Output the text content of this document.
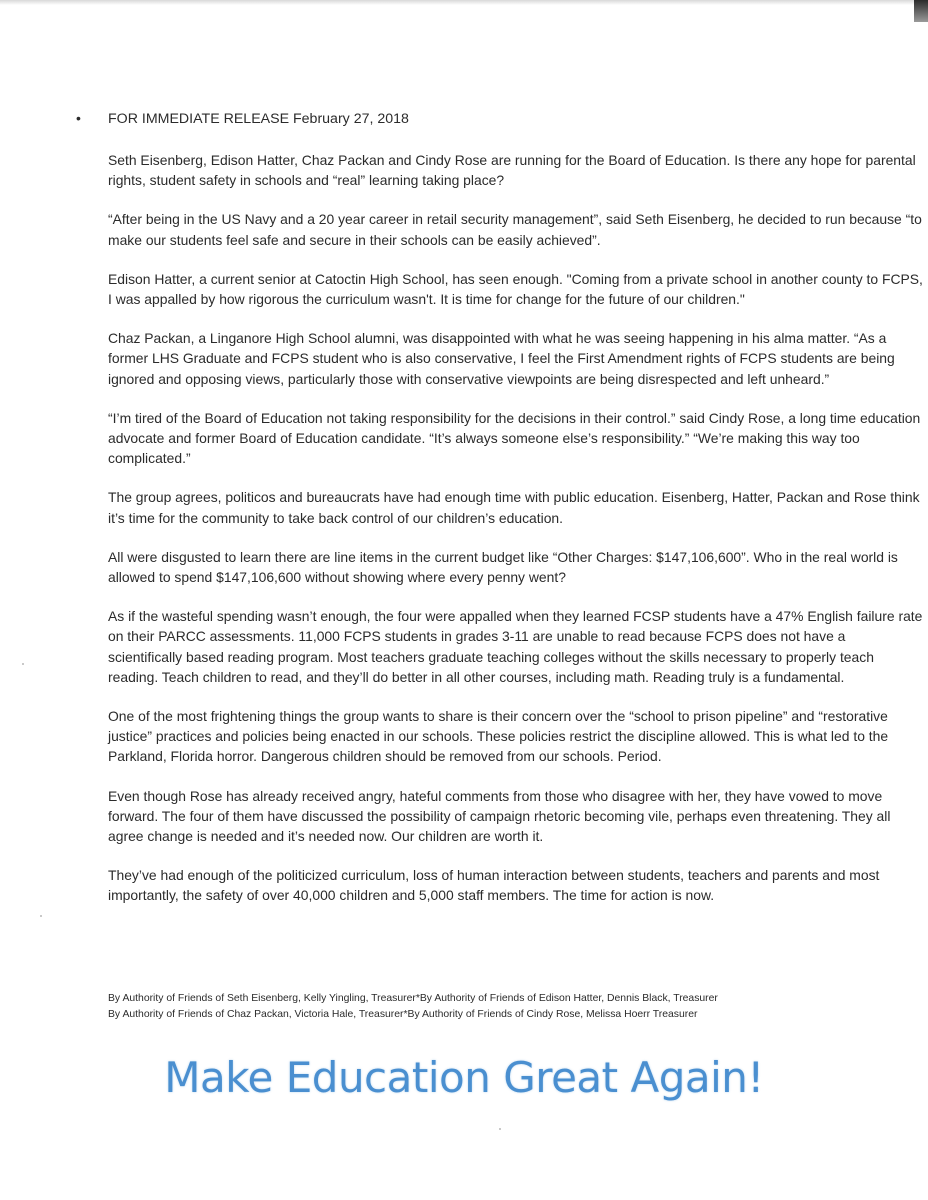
• FOR IMMEDIATE RELEASE February 27, 2018

Seth Eisenberg, Edison Hatter, Chaz Packan and Cindy Rose are running for the Board of Education. Is there any hope for parental rights, student safety in schools and “real” learning taking place?

“After being in the US Navy and a 20 year career in retail security management”, said Seth Eisenberg, he decided to run because “to make our students feel safe and secure in their schools can be easily achieved”.

Edison Hatter, a current senior at Catoctin High School, has seen enough. "Coming from a private school in another county to FCPS, I was appalled by how rigorous the curriculum wasn't. It is time for change for the future of our children."

Chaz Packan, a Linganore High School alumni, was disappointed with what he was seeing happening in his alma matter. “As a former LHS Graduate and FCPS student who is also conservative, I feel the First Amendment rights of FCPS students are being ignored and opposing views, particularly those with conservative viewpoints are being disrespected and left unheard.”

“I’m tired of the Board of Education not taking responsibility for the decisions in their control.” said Cindy Rose, a long time education advocate and former Board of Education candidate. “It’s always someone else’s responsibility.” “We’re making this way too complicated.”

The group agrees, politicos and bureaucrats have had enough time with public education. Eisenberg, Hatter, Packan and Rose think it’s time for the community to take back control of our children’s education.

All were disgusted to learn there are line items in the current budget like “Other Charges: $147,106,600”. Who in the real world is allowed to spend $147,106,600 without showing where every penny went?

As if the wasteful spending wasn’t enough, the four were appalled when they learned FCSP students have a 47% English failure rate on their PARCC assessments. 11,000 FCPS students in grades 3-11 are unable to read because FCPS does not have a scientifically based reading program. Most teachers graduate teaching colleges without the skills necessary to properly teach reading. Teach children to read, and they’ll do better in all other courses, including math. Reading truly is a fundamental.

One of the most frightening things the group wants to share is their concern over the “school to prison pipeline” and “restorative justice” practices and policies being enacted in our schools. These policies restrict the discipline allowed. This is what led to the Parkland, Florida horror. Dangerous children should be removed from our schools. Period.

Even though Rose has already received angry, hateful comments from those who disagree with her, they have vowed to move forward. The four of them have discussed the possibility of campaign rhetoric becoming vile, perhaps even threatening. They all agree change is needed and it’s needed now. Our children are worth it.

They’ve had enough of the politicized curriculum, loss of human interaction between students, teachers and parents and most importantly, the safety of over 40,000 children and 5,000 staff members. The time for action is now.

By Authority of Friends of Seth Eisenberg, Kelly Yingling, Treasurer*By Authority of Friends of Edison Hatter, Dennis Black, Treasurer
By Authority of Friends of Chaz Packan, Victoria Hale, Treasurer*By Authority of Friends of Cindy Rose, Melissa Hoerr Treasurer
Make Education Great Again!
